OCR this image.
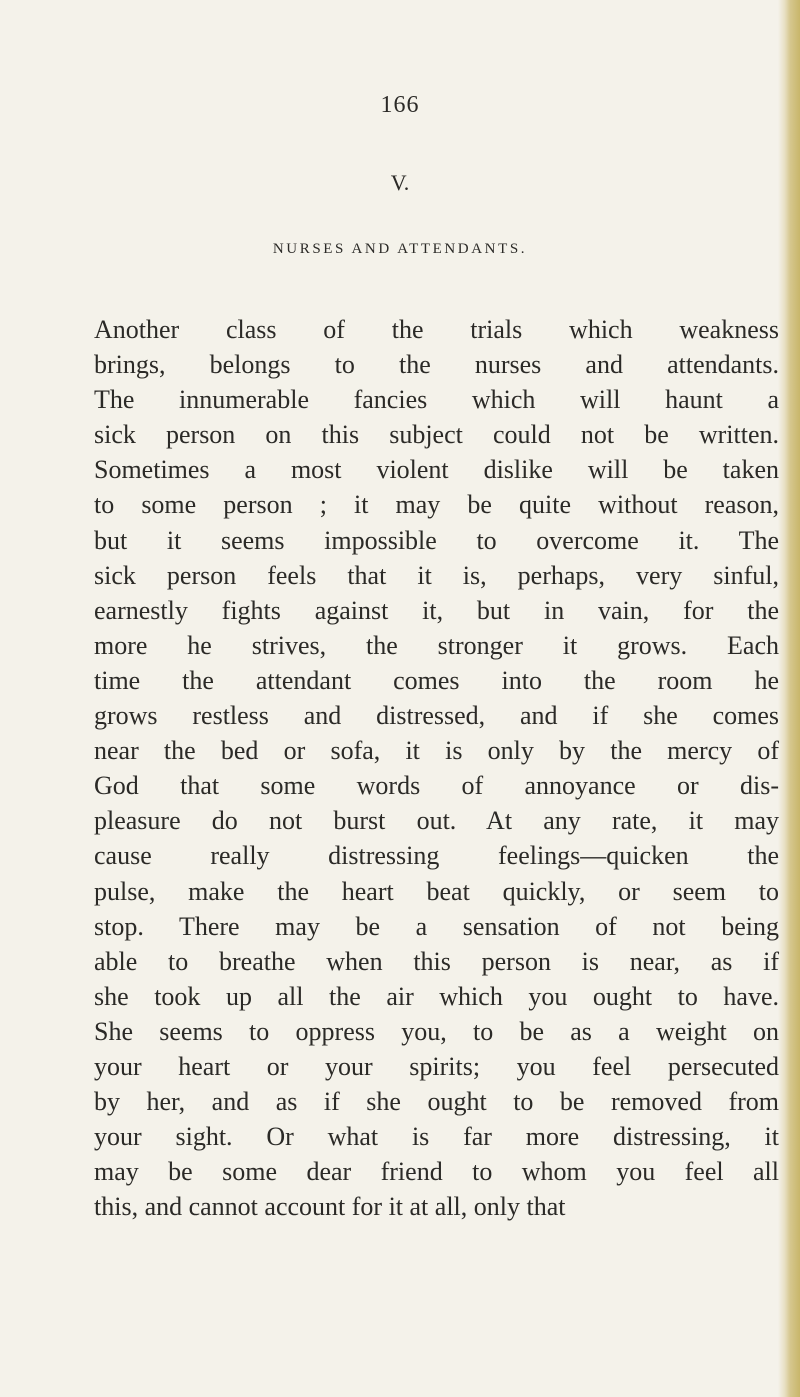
166
V.
NURSES AND ATTENDANTS.
Another class of the trials which weakness
brings, belongs to the nurses and attendants.
The innumerable fancies which will haunt a
sick person on this subject could not be written.
Sometimes a most violent dislike will be taken
to some person ; it may be quite without reason,
but it seems impossible to overcome it. The
sick person feels that it is, perhaps, very sinful,
earnestly fights against it, but in vain, for the
more he strives, the stronger it grows. Each
time the attendant comes into the room he
grows restless and distressed, and if she comes
near the bed or sofa, it is only by the mercy of
God that some words of annoyance or dis-
pleasure do not burst out. At any rate, it may
cause really distressing feelings—quicken the
pulse, make the heart beat quickly, or seem to
stop. There may be a sensation of not being
able to breathe when this person is near, as if
she took up all the air which you ought to have.
She seems to oppress you, to be as a weight on
your heart or your spirits; you feel persecuted
by her, and as if she ought to be removed from
your sight. Or what is far more distressing, it
may be some dear friend to whom you feel all
this, and cannot account for it at all, only that
